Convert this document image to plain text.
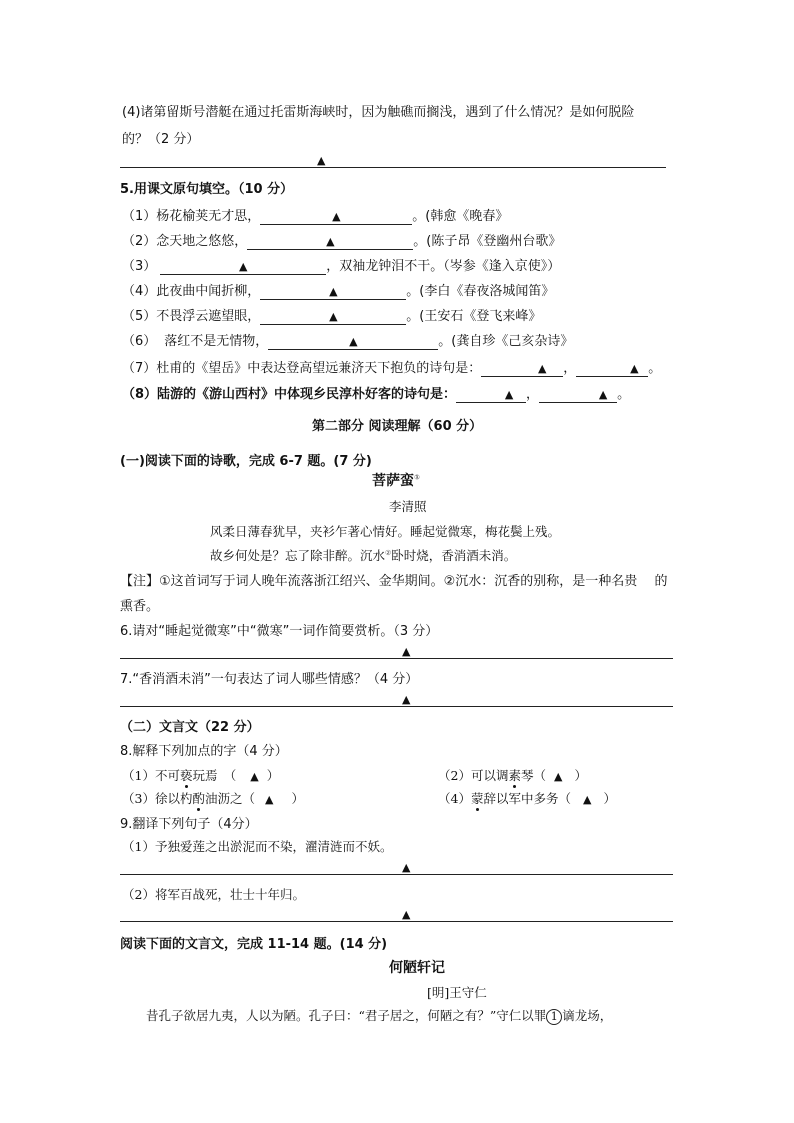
(4)诸第留斯号潜艇在通过托雷斯海峡时，因为触礁而搁浅，遇到了什么情况？是如何脱险
的？（2 分）
▲
5.用课文原句填空。（10 分）
（1）杨花榆荚无才思，	▲	。(韩愈《晚春》
（2）念天地之悠悠，	▲	。(陈子昂《登幽州台歌》
（3）	▲	，双袖龙钟泪不干。（岑参《逢入京使》）
（4）此夜曲中闻折柳，	▲	。(李白《春夜洛城闻笛》
（5）不畏浮云遮望眼，	▲	。(王安石《登飞来峰》
（6） 落红不是无情物，	▲	。(龚自珍《己亥杂诗》
（7）杜甫的《望岳》中表达登高望远兼济天下抱负的诗句是：	▲ ，	▲ 。
（8）陆游的《游山西村》中体现乡民淳朴好客的诗句是：	▲ ，	▲ 。
第二部分 阅读理解（60 分）
(一)阅读下面的诗歌，完成 6-7 题。(7 分)
菩萨蛮①
李清照
风柔日薄春犹早，夹衫乍著心情好。睡起觉微寒，梅花鬓上残。
故乡何处是？忘了除非醉。沉水②卧时烧，香消酒未消。
【注】①这首词写于词人晚年流落浙江绍兴、金华期间。②沉水：沉香的别称，是一种名贵　 的
熏香。
6.请对“睡起觉微寒”中“微寒”一词作简要赏析。（3 分）
▲
7.“香消酒未消”一句表达了词人哪些情感？（4 分）
▲
（二）文言文（22 分）
8.解释下列加点的字（4 分）
（1）不可亵玩焉　（ ▲ ）	（2）可以调素琴（ ▲ ）
（3）徐以杓酌油沥之（ ▲ ）	（4）蒙辞以军中多务（ ▲ ）
9.翻译下列句子（4分）
（1）予独爱莲之出淤泥而不染，濯清涟而不妖。
▲
（2）将军百战死，壮士十年归。
▲
阅读下面的文言文，完成 11-14 题。(14 分)
何陋轩记
[明]王守仁
昔孔子欲居九夷，人以为陋。孔子曰：“君子居之，何陋之有？”守仁以罪 1 谪龙场，
